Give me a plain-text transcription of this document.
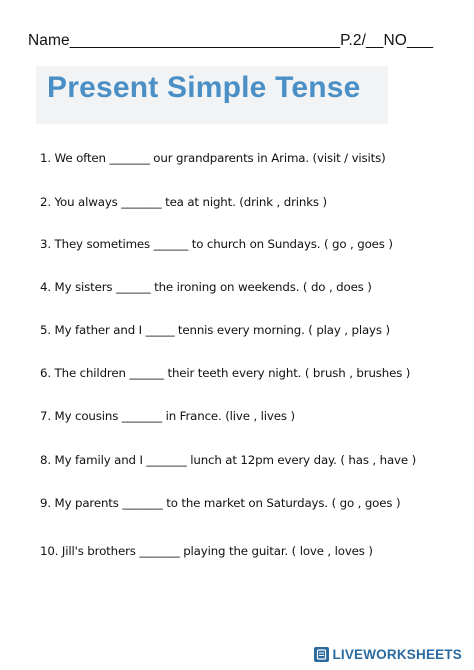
Name_______________________________P.2/__NO___
Present Simple Tense
1. We often _______ our grandparents in Arima. (visit / visits)
2. You always _______ tea at night. (drink , drinks )
3. They sometimes ______ to church on Sundays. ( go , goes )
4. My sisters ______ the ironing on weekends. ( do , does )
5. My father and I _____ tennis every morning. ( play , plays )
6. The children ______ their teeth every night. ( brush , brushes )
7. My cousins _______ in France. (live , lives )
8. My family and I _______ lunch at 12pm every day. ( has , have )
9. My parents _______ to the market on Saturdays. ( go , goes )
10. Jill's brothers _______ playing the guitar. ( love , loves )
LIVEWORKSHEETS
